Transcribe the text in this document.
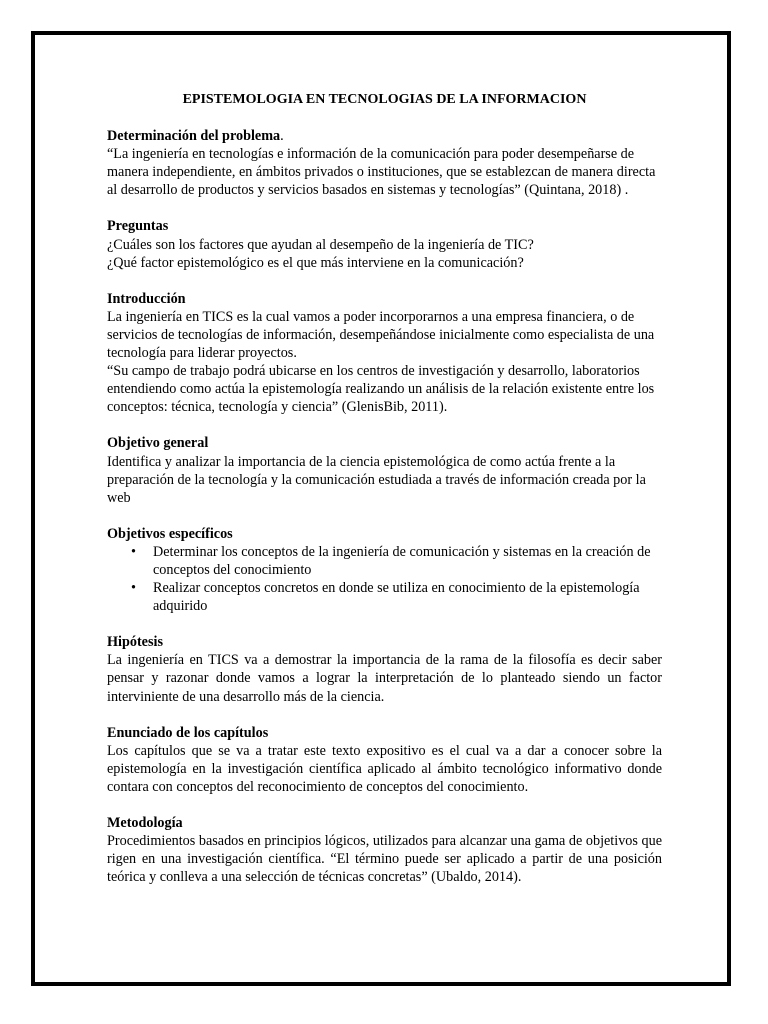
EPISTEMOLOGIA EN TECNOLOGIAS DE LA INFORMACION
Determinación del problema.
“La ingeniería en tecnologías e información de la comunicación para poder desempeñarse de manera independiente, en ámbitos privados o instituciones, que se establezcan de manera directa al desarrollo de productos y servicios basados en sistemas y tecnologías” (Quintana, 2018) .
Preguntas
¿Cuáles son los factores que ayudan al desempeño de la ingeniería de TIC?
¿Qué factor epistemológico es el que más interviene en la comunicación?
Introducción
La ingeniería en TICS es la cual vamos a poder incorporarnos a una empresa financiera, o de servicios de tecnologías de información, desempeñándose inicialmente como especialista de una tecnología para liderar proyectos.
“Su campo de trabajo podrá ubicarse en los centros de investigación y desarrollo, laboratorios entendiendo como actúa la epistemología realizando un análisis de la relación existente entre los conceptos: técnica, tecnología y ciencia” (GlenisBib, 2011).
Objetivo general
Identifica y analizar la importancia de la ciencia epistemológica de como actúa frente a la preparación de la tecnología y la comunicación estudiada a través de información creada por la web
Objetivos específicos
• Determinar los conceptos de la ingeniería de comunicación y sistemas en la creación de conceptos del conocimiento
• Realizar conceptos concretos en donde se utiliza en conocimiento de la epistemología adquirido
Hipótesis
La ingeniería en TICS va a demostrar la importancia de la rama de la filosofía es decir saber pensar y razonar donde vamos a lograr la interpretación de lo planteado siendo un factor interviniente de una desarrollo más de la ciencia.
Enunciado de los capítulos
Los capítulos que se va a tratar este texto expositivo es el cual va a dar a conocer sobre la epistemología en la investigación científica aplicado al ámbito tecnológico informativo donde contara con conceptos del reconocimiento de conceptos del conocimiento.
Metodología
Procedimientos basados en principios lógicos, utilizados para alcanzar una gama de objetivos que rigen en una investigación científica. “El término puede ser aplicado a partir de una posición teórica y conlleva a una selección de técnicas concretas” (Ubaldo, 2014).
